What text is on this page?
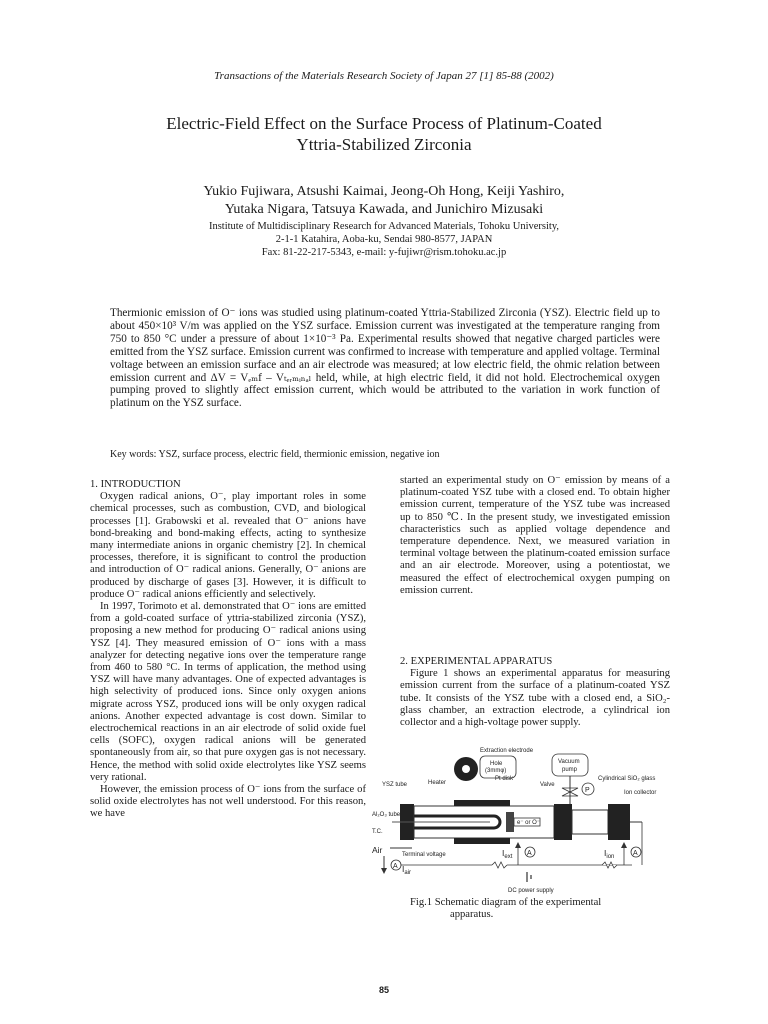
Transactions of the Materials Research Society of Japan 27 [1] 85-88 (2002)
Electric-Field Effect on the Surface Process of Platinum-Coated
Yttria-Stabilized Zirconia
Yukio Fujiwara, Atsushi Kaimai, Jeong-Oh Hong, Keiji Yashiro,
Yutaka Nigara, Tatsuya Kawada, and Junichiro Mizusaki
Institute of Multidisciplinary Research for Advanced Materials, Tohoku University,
2-1-1 Katahira, Aoba-ku, Sendai 980-8577, JAPAN
Fax: 81-22-217-5343, e-mail: y-fujiwr@rism.tohoku.ac.jp

Thermionic emission of O⁻ ions was studied using platinum-coated Yttria-Stabilized Zirconia (YSZ). Electric field up to about 450×10³ V/m was applied on the YSZ surface. Emission current was investigated at the temperature ranging from 750 to 850 °C under a pressure of about 1×10⁻³ Pa. Experimental results showed that negative charged particles were emitted from the YSZ surface. Emission current was confirmed to increase with temperature and applied voltage. Terminal voltage between an emission surface and an air electrode was measured; at low electric field, the ohmic relation between emission current and ΔV = Vₑₘf – Vₜₑᵣₘᵢₙₐₗ held, while, at high electric field, it did not hold. Electrochemical oxygen pumping proved to slightly affect emission current, which would be attributed to the variation in work function of platinum on the YSZ surface.

Key words: YSZ, surface process, electric field, thermionic emission, negative ion
1. INTRODUCTION

Oxygen radical anions, O⁻, play important roles in some chemical processes, such as combustion, CVD, and biological processes [1]. Grabowski et al. revealed that O⁻ anions have bond-breaking and bond-making effects, acting to synthesize many intermediate anions in organic chemistry [2]. In chemical processes, therefore, it is significant to control the production and introduction of O⁻ radical anions. Generally, O⁻ anions are produced by discharge of gases [3]. However, it is difficult to produce O⁻ radical anions efficiently and selectively.

In 1997, Torimoto et al. demonstrated that O⁻ ions are emitted from a gold-coated surface of yttria-stabilized zirconia (YSZ), proposing a new method for producing O⁻ radical anions using YSZ [4]. They measured emission of O⁻ ions with a mass analyzer for detecting negative ions over the temperature range from 460 to 580 °C. In terms of application, the method using YSZ will have many advantages. One of expected advantages is high selectivity of produced ions. Since only oxygen anions migrate across YSZ, produced ions will be only oxygen radical anions. Another expected advantage is cost down. Similar to electrochemical reactions in an air electrode of solid oxide fuel cells (SOFC), oxygen radical anions will be generated spontaneously from air, so that pure oxygen gas is not necessary. Hence, the method with solid oxide electrolytes like YSZ seems very rational.

However, the emission process of O⁻ ions from the surface of solid oxide electrolytes has not well understood. For this reason, we have

started an experimental study on O⁻ emission by means of a platinum-coated YSZ tube with a closed end. To obtain higher emission current, temperature of the YSZ tube was increased up to 850 ℃. In the present study, we investigated emission characteristics such as applied voltage dependence and temperature dependence. Next, we measured variation in terminal voltage between the platinum-coated emission surface and an air electrode. Moreover, using a potentiostat, we measured the effect of electrochemical oxygen pumping on emission current.

2. EXPERIMENTAL APPARATUS

Figure 1 shows an experimental apparatus for measuring emission current from the surface of a platinum-coated YSZ tube. It consists of the YSZ tube with a closed end, a SiO₂-glass chamber, an extraction electrode, a cylindrical ion collector and a high-voltage power supply.

Extraction electrode
Hole
(3mmφ)
Pt disk
Vacuum
pump
Valve
P
Cylindrical SiO₂ glass
Ion collector
YSZ tube	Heater
Al₂O₃ tube
T.C.
Air
e⁻ or O⁻
Terminal voltage
A $I_{air}$
$I_{ext}$ A	$I_{ion}$	A
DC power supply
Fig.1 Schematic diagram of the experimental
apparatus.
85
